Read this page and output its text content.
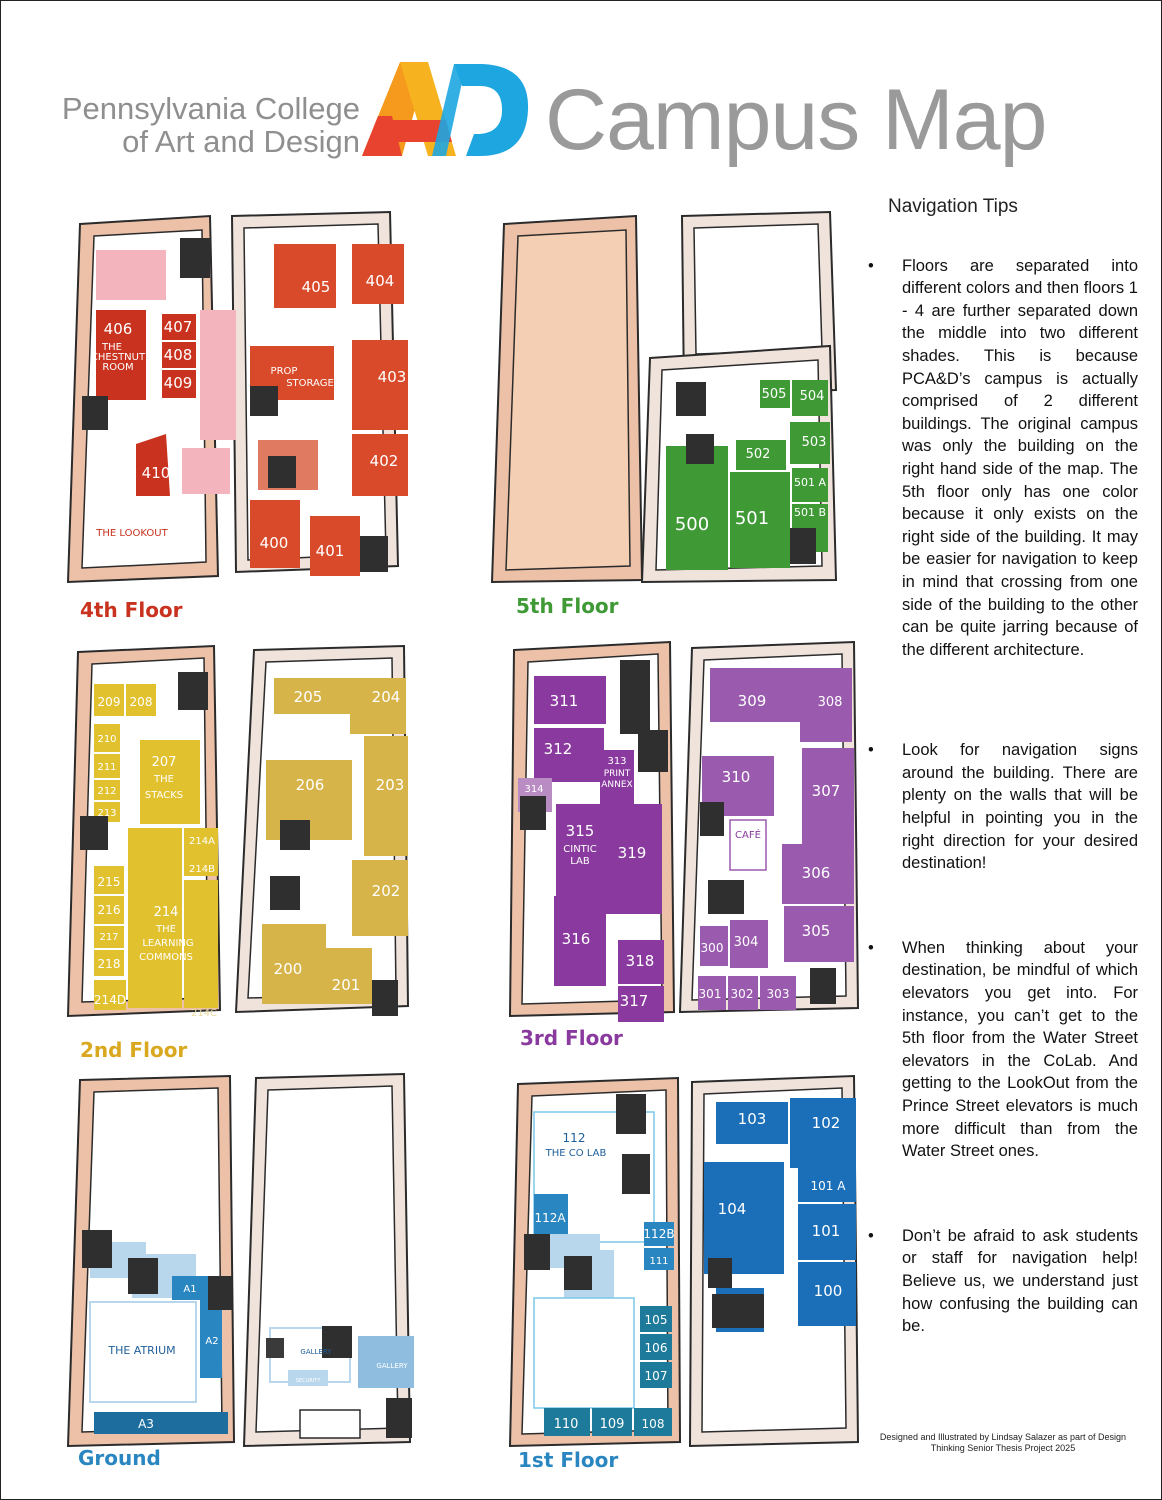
Pennsylvania College
of Art and Design Campus Map
406
THE
CHESTNUT
ROOM
407
408
409
410
THE LOOKOUT
405 404
PROP
STORAGE	403
402
400 401
4th Floor
505 504
502
503
501 A
500 501 501 B
5th Floor
209 208
210
211
212
213
207
THE
STACKS
214A
214B
215
216
217
218
214
THE
LEARNING
COMMONS
214D
214C
205	204
206	203
202
200
201
2nd Floor
311
312
313
PRINT
ANNEX
314
315
CINTIC
LAB 319
316
318
317
309	308
310
307
CAFÉ
306
300 304
305
301 302 303
3rd Floor
A1
A2
THE ATRIUM
A3
GALLERY
GALLERY
SECURITY
Ground
112
THE CO LAB
112A
112B
111
105
106
107
110 109 108
103	102
101 A
104
101
100
1st Floor
Navigation Tips
•	Floors are separated into different colors and then floors 1 - 4 are further separated down the middle into two different shades. This is because PCA&D’s campus is actually comprised of 2 different buildings. The original campus was only the building on the right hand side of the map. The 5th floor only has one color because it only exists on the right side of the building. It may be easier for navigation to keep in mind that crossing from one side of the building to the other can be quite jarring because of the different architecture.
•	Look for navigation signs around the building. There are plenty on the walls that will be helpful in pointing you in the right direction for your desired destination!
•	When thinking about your destination, be mindful of which elevators you get into. For instance, you can’t get to the 5th floor from the Water Street elevators in the CoLab. And getting to the LookOut from the Prince Street elevators is much more difficult than from the Water Street ones.
•	Don’t be afraid to ask students or staff for navigation help! Believe us, we understand just how confusing the building can be.
Designed and Illustrated by Lindsay Salazer as part of Design
Thinking Senior Thesis Project 2025
